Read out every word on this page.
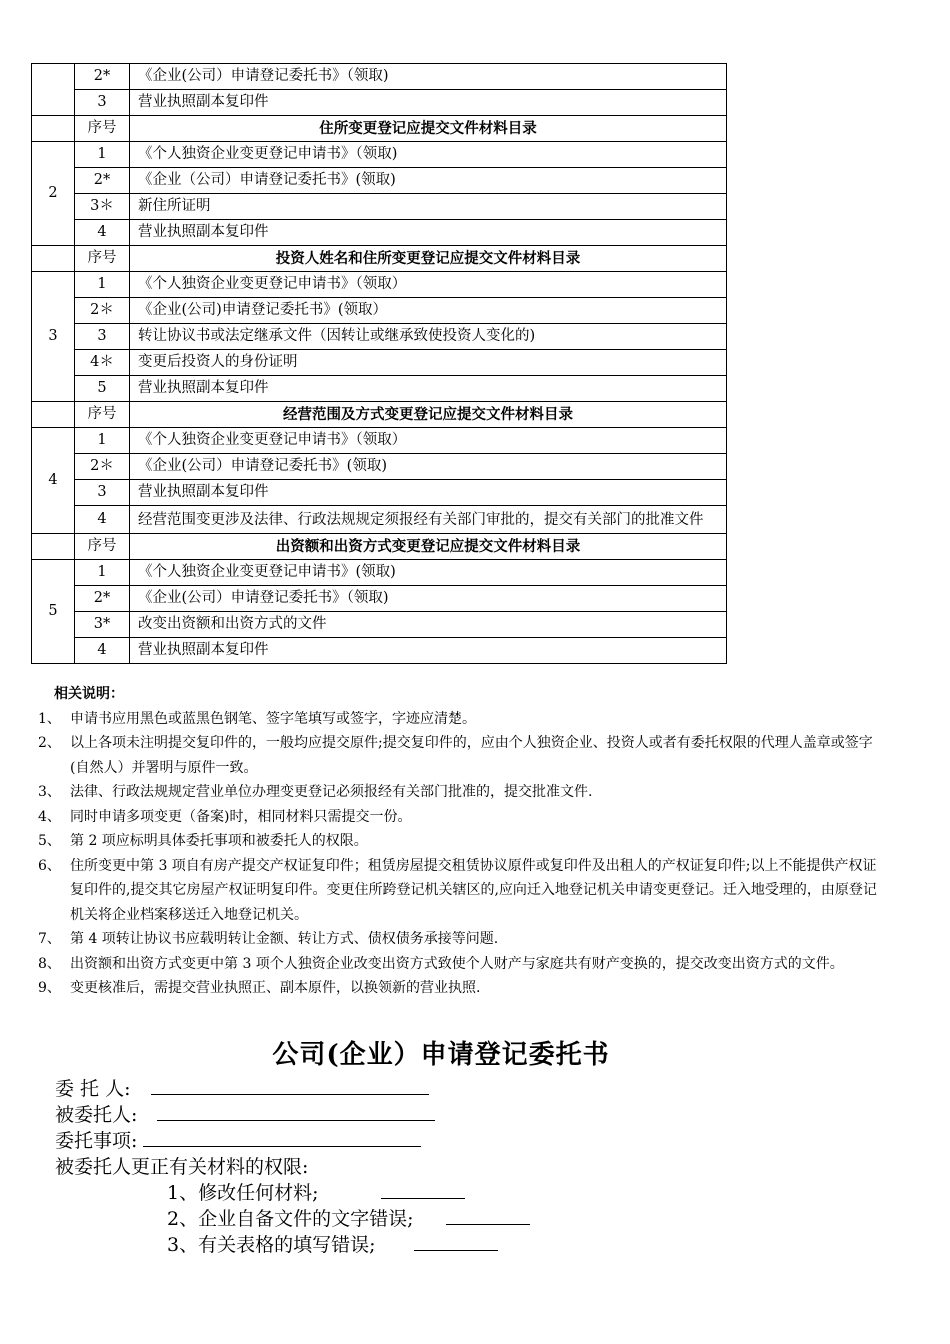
	2*	《企业(公司）申请登记委托书》（领取)
	3	营业执照副本复印件
	序号	住所变更登记应提交文件材料目录
2	1	《个人独资企业变更登记申请书》（领取)
	2*	《企业（公司）申请登记委托书》(领取)
	3＊	新住所证明
	4	营业执照副本复印件
	序号	投资人姓名和住所变更登记应提交文件材料目录
3	1	《个人独资企业变更登记申请书》（领取）
	2＊	《企业(公司)申请登记委托书》(领取）
	3	转让协议书或法定继承文件（因转让或继承致使投资人变化的)
	4＊	变更后投资人的身份证明
	5	营业执照副本复印件
	序号	经营范围及方式变更登记应提交文件材料目录
4	1	《个人独资企业变更登记申请书》（领取）
	2＊	《企业(公司）申请登记委托书》(领取)
	3	营业执照副本复印件
	4	经营范围变更涉及法律、行政法规规定须报经有关部门审批的，提交有关部门的批准文件
	序号	出资额和出资方式变更登记应提交文件材料目录
5	1	《个人独资企业变更登记申请书》(领取)
	2*	《企业(公司）申请登记委托书》（领取)
	3*	改变出资额和出资方式的文件
	4	营业执照副本复印件
相关说明：
1、 申请书应用黑色或蓝黑色钢笔、签字笔填写或签字，字迹应清楚。
2、 以上各项未注明提交复印件的，一般均应提交原件;提交复印件的，应由个人独资企业、投资人或者有委托权限的代理人盖章或签字(自然人）并署明与原件一致。
3、 法律、行政法规规定营业单位办理变更登记必须报经有关部门批准的，提交批准文件.
4、 同时申请多项变更（备案)时，相同材料只需提交一份。
5、 第 2 项应标明具体委托事项和被委托人的权限。
6、 住所变更中第 3 项自有房产提交产权证复印件；租赁房屋提交租赁协议原件或复印件及出租人的产权证复印件;以上不能提供产权证复印件的,提交其它房屋产权证明复印件。变更住所跨登记机关辖区的,应向迁入地登记机关申请变更登记。迁入地受理的，由原登记机关将企业档案移送迁入地登记机关。
7、 第 4 项转让协议书应载明转让金额、转让方式、债权债务承接等问题.
8、 出资额和出资方式变更中第 3 项个人独资企业改变出资方式致使个人财产与家庭共有财产变换的，提交改变出资方式的文件。
9、 变更核准后，需提交营业执照正、副本原件，以换领新的营业执照.
公司(企业）申请登记委托书
委 托 人:
被委托人:
委托事项:
被委托人更正有关材料的权限:
1、修改任何材料;
2、企业自备文件的文字错误;
3、有关表格的填写错误;
